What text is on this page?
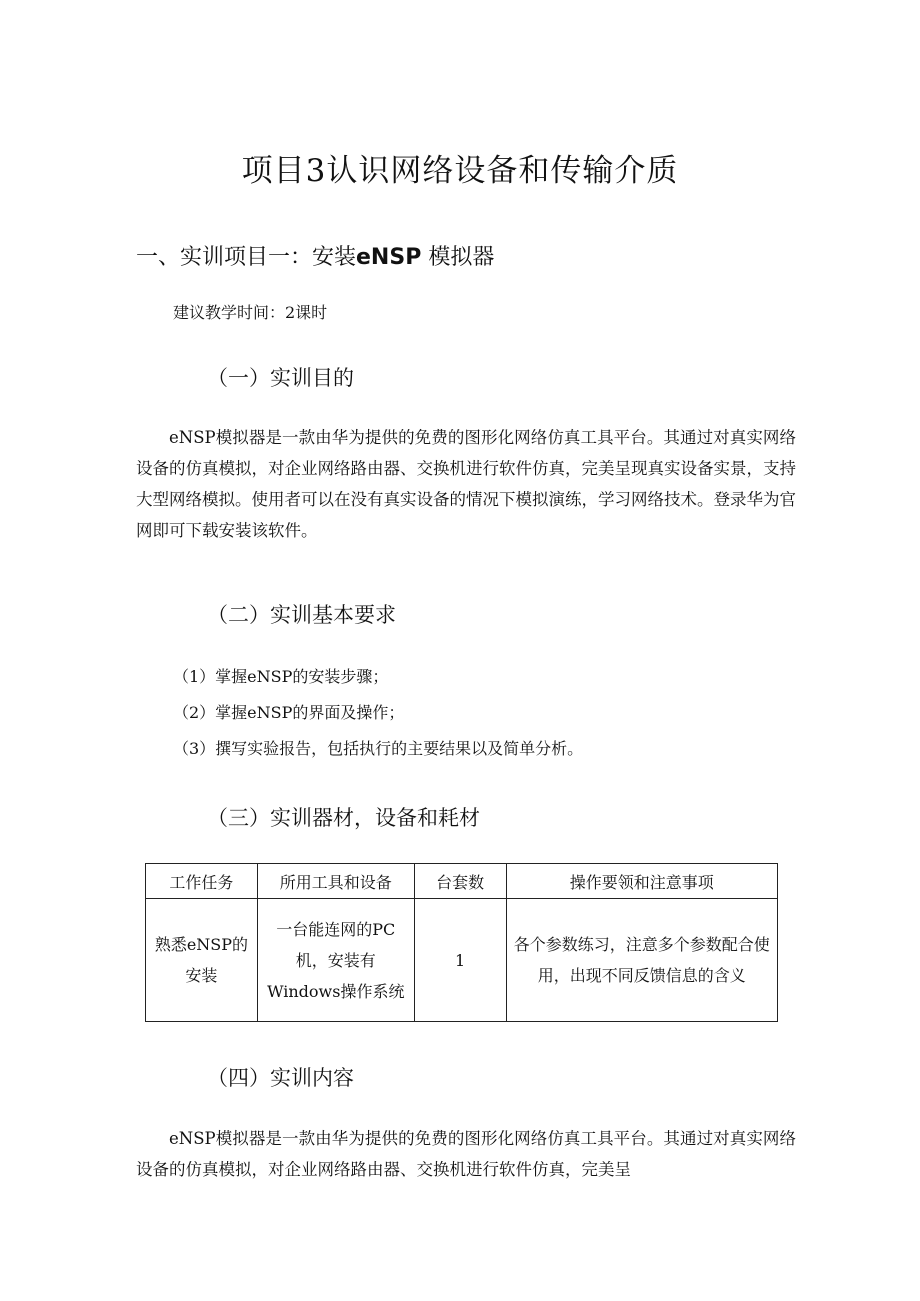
项目3认识网络设备和传输介质
一、实训项目一：安装eNSP 模拟器

建议教学时间：2课时

（一）实训目的

eNSP模拟器是一款由华为提供的免费的图形化网络仿真工具平台。其通过对真实网络设备的仿真模拟，对企业网络路由器、交换机进行软件仿真，完美呈现真实设备实景，支持大型网络模拟。使用者可以在没有真实设备的情况下模拟演练，学习网络技术。登录华为官网即可下载安装该软件。

（二）实训基本要求
（1）掌握eNSP的安装步骤；
（2）掌握eNSP的界面及操作；
（3）撰写实验报告，包括执行的主要结果以及简单分析。
（三）实训器材，设备和耗材
工作任务	所用工具和设备	台套数	操作要领和注意事项
熟悉eNSP的安装	一台能连网的PC机，安装有Windows操作系统	1	各个参数练习，注意多个参数配合使用，出现不同反馈信息的含义
（四）实训内容

eNSP模拟器是一款由华为提供的免费的图形化网络仿真工具平台。其通过对真实网络设备的仿真模拟，对企业网络路由器、交换机进行软件仿真，完美呈
